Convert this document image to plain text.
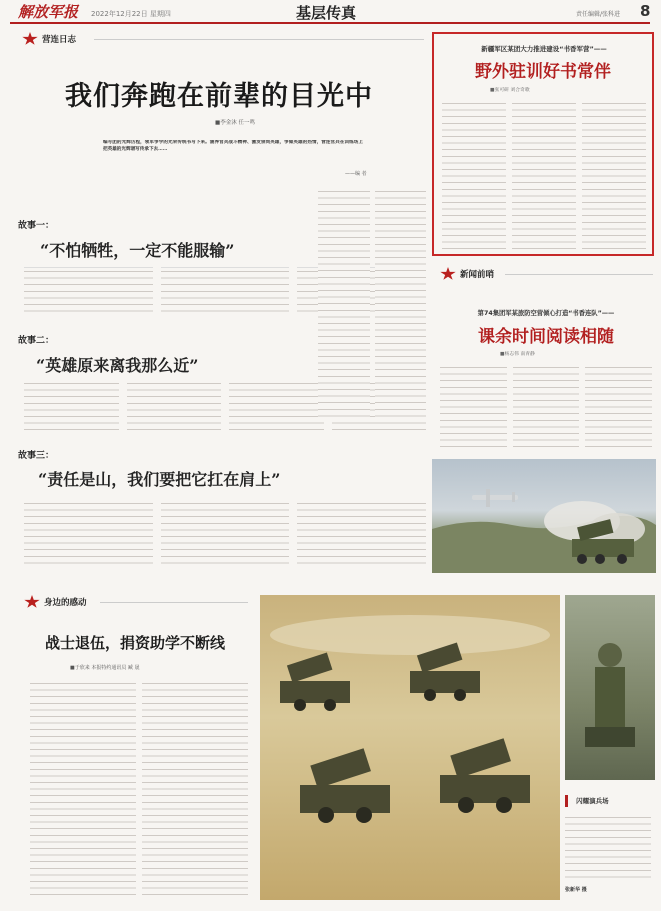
解放军报 2022年12月22日 星期四	基层传真	责任编辑/张科进 8
营连日志
我们奔跑在前辈的目光中
■李金沐 任一鸣
编写团的光辉历程，领军争学的光荣传统书写下来。涵养官兵战斗精神、激发崇尚英雄，争做英雄的热情，营连官兵在训练场上把英雄的光辉谱写传承下去……
——编 者
故事一：
“不怕牺牲，一定不能服输”
故事二：
“英雄原来离我那么近”
故事三：
“责任是山，我们要把它扛在肩上”
新疆军区某团大力推进建设“书香军营”——
野外驻训好书常伴
■张可研 刘合奇歌
新闻前哨
第74集团军某旅防空营倾心打造“书香连队”——
课余时间阅读相随
■杨志伟 南青静
身边的感动
战士退伍，捐资助学不断线
■于欣来 本报特约通讯员 臧 晟
闪耀演兵场
张新华 摄
